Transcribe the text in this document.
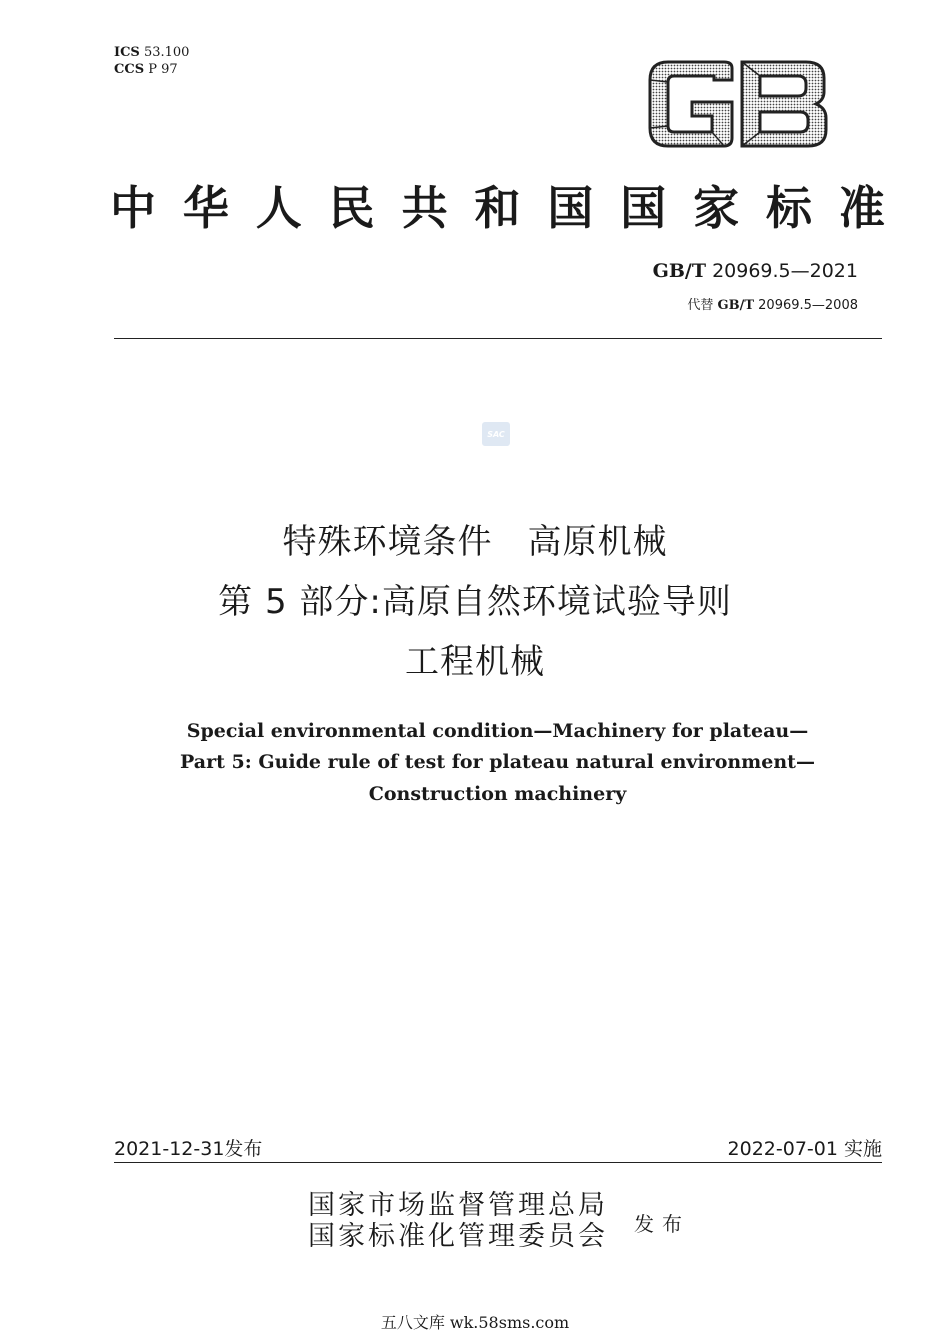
ICS 53.100
CCS P 97
中 华 人 民 共 和 国 国 家 标 准
GB/T 20969.5—2021
代替 GB/T 20969.5—2008
SAC
特殊环境条件　高原机械
第 5 部分:高原自然环境试验导则
工程机械
Special environmental condition—Machinery for plateau—
Part 5: Guide rule of test for plateau natural environment—
Construction machinery
2021-12-31发布	2022-07-01 实施
国家市场监督管理总局
国家标准化管理委员会 发布
五八文库 wk.58sms.com
